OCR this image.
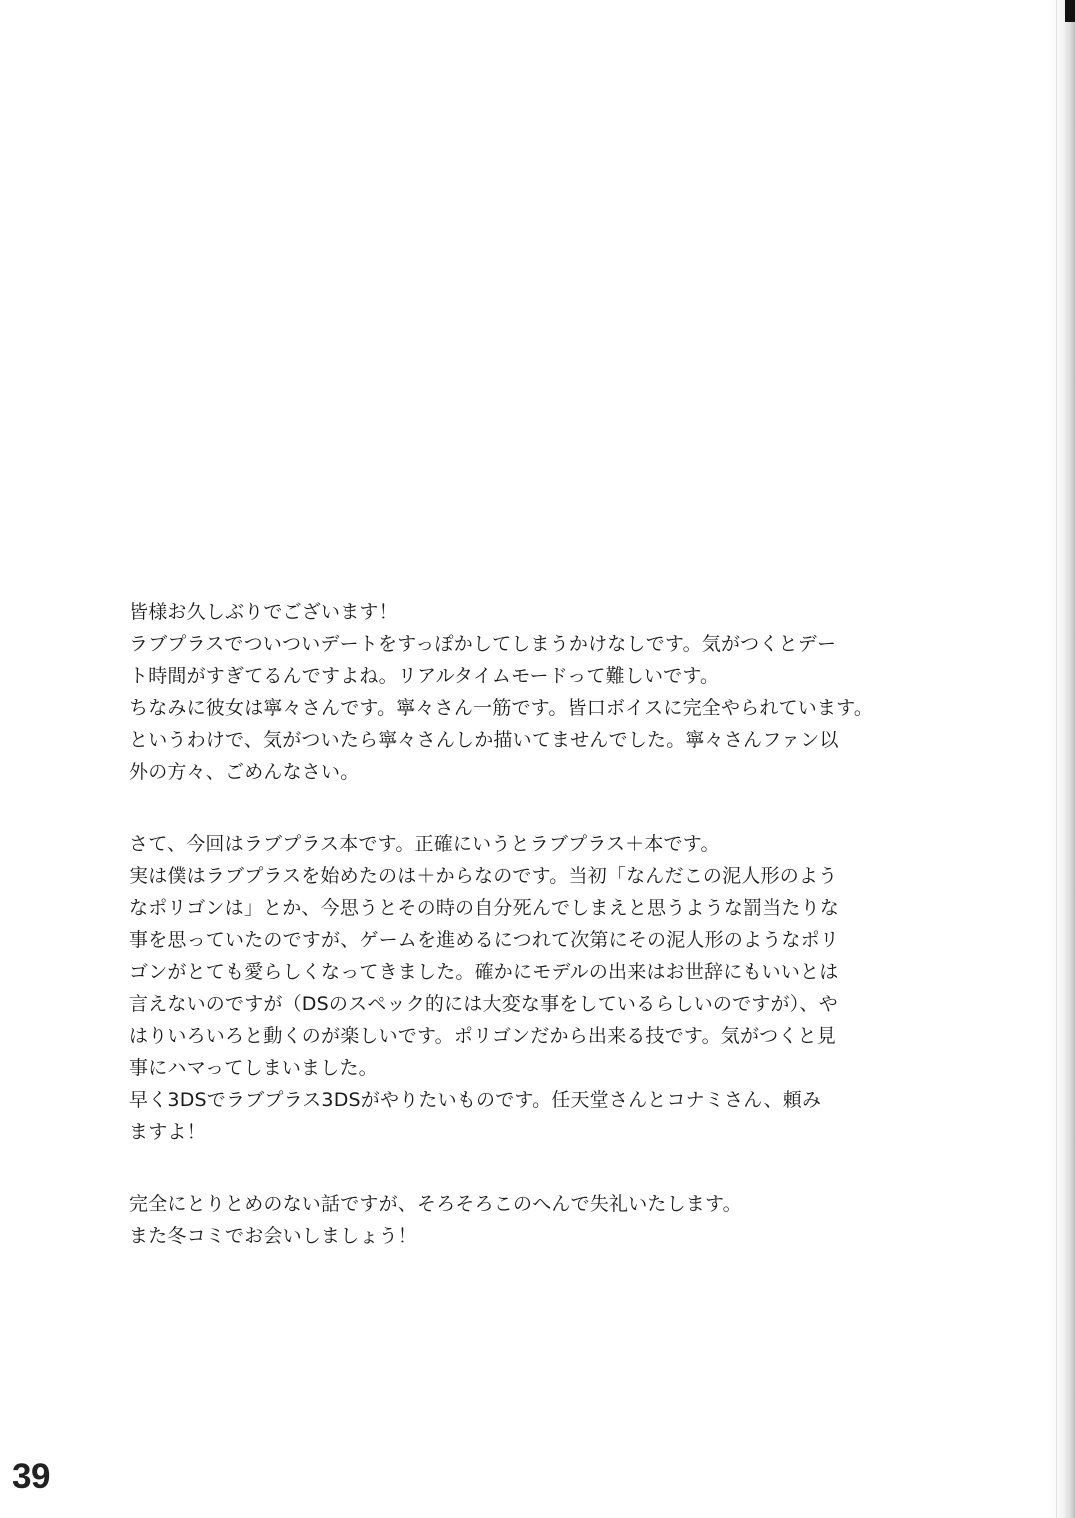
皆様お久しぶりでございます！
ラブプラスでついついデートをすっぽかしてしまうかけなしです。気がつくとデー
ト時間がすぎてるんですよね。リアルタイムモードって難しいです。
ちなみに彼女は寧々さんです。寧々さん一筋です。皆口ボイスに完全やられています。
というわけで、気がついたら寧々さんしか描いてませんでした。寧々さんファン以
外の方々、ごめんなさい。
さて、今回はラブプラス本です。正確にいうとラブプラス＋本です。
実は僕はラブプラスを始めたのは＋からなのです。当初「なんだこの泥人形のよう
なポリゴンは」とか、今思うとその時の自分死んでしまえと思うような罰当たりな
事を思っていたのですが、ゲームを進めるにつれて次第にその泥人形のようなポリ
ゴンがとても愛らしくなってきました。確かにモデルの出来はお世辞にもいいとは
言えないのですが（DSのスペック的には大変な事をしているらしいのですが）、や
はりいろいろと動くのが楽しいです。ポリゴンだから出来る技です。気がつくと見
事にハマってしまいました。
早く3DSでラブプラス3DSがやりたいものです。任天堂さんとコナミさん、頼み
ますよ！
完全にとりとめのない話ですが、そろそろこのへんで失礼いたします。
また冬コミでお会いしましょう！
39
